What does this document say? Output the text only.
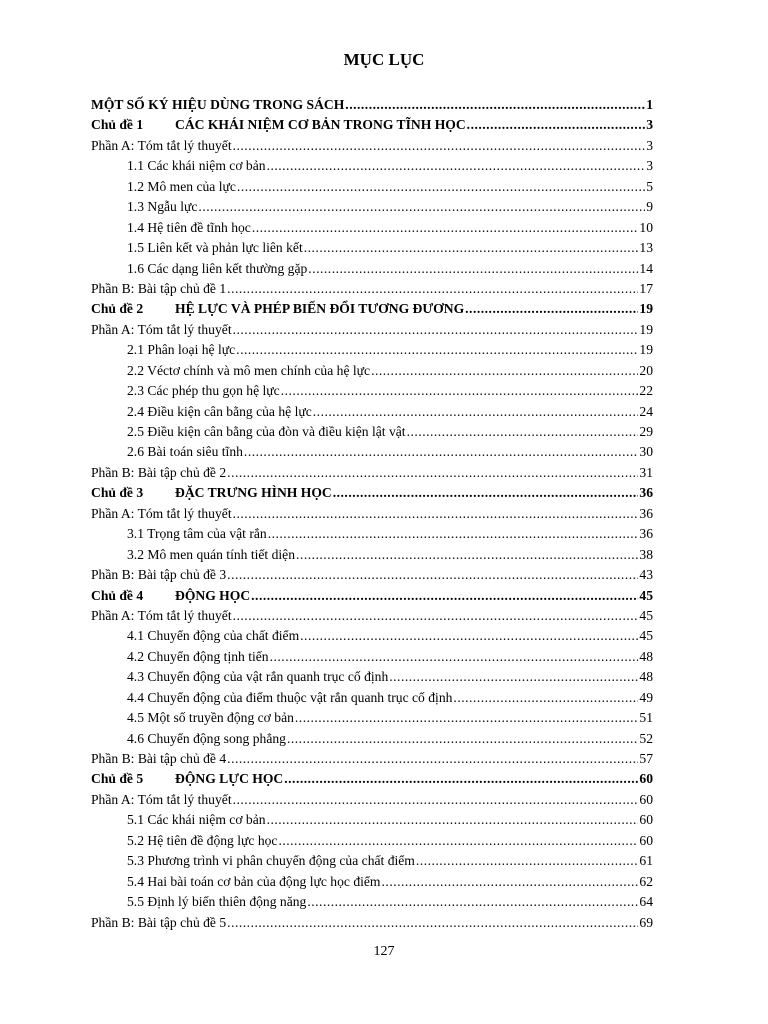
MỤC LỤC
MỘT SỐ KÝ HIỆU DÙNG TRONG SÁCH .....	1
Chủ đề 1 CÁC KHÁI NIỆM CƠ BẢN TRONG TĨNH HỌC .....	3
Phần A: Tóm tắt lý thuyết .....	3
1.1 Các khái niệm cơ bản .....	3
1.2 Mô men của lực .....	5
1.3 Ngẫu lực .....	9
1.4 Hệ tiên đề tĩnh học .....	10
1.5 Liên kết và phản lực liên kết .....	13
1.6 Các dạng liên kết thường gặp .....	14
Phần B: Bài tập chủ đề 1 .....	17
Chủ đề 2 HỆ LỰC VÀ PHÉP BIẾN ĐỔI TƯƠNG ĐƯƠNG .....	19
Phần A: Tóm tắt lý thuyết .....	19
2.1 Phân loại hệ lực .....	19
2.2 Véctơ chính và mô men chính của hệ lực .....	20
2.3 Các phép thu gọn hệ lực .....	22
2.4 Điều kiện cân bằng của hệ lực .....	24
2.5 Điều kiện cân bằng của đòn và điều kiện lật vật .....	29
2.6 Bài toán siêu tĩnh .....	30
Phần B: Bài tập chủ đề 2 .....	31
Chủ đề 3 ĐẶC TRƯNG HÌNH HỌC .....	36
Phần A: Tóm tắt lý thuyết .....	36
3.1 Trọng tâm của vật rắn .....	36
3.2 Mô men quán tính tiết diện .....	38
Phần B: Bài tập chủ đề 3 .....	43
Chủ đề 4 ĐỘNG HỌC .....	45
Phần A: Tóm tắt lý thuyết .....	45
4.1 Chuyển động của chất điểm .....	45
4.2 Chuyển động tịnh tiến .....	48
4.3 Chuyển động của vật rắn quanh trục cố định .....	48
4.4 Chuyển động của điểm thuộc vật rắn quanh trục cố định .....	49
4.5 Một số truyền động cơ bản .....	51
4.6 Chuyển động song phẳng .....	52
Phần B: Bài tập chủ đề 4 .....	57
Chủ đề 5 ĐỘNG LỰC HỌC .....	60
Phần A: Tóm tắt lý thuyết .....	60
5.1 Các khái niệm cơ bản .....	60
5.2 Hệ tiên đề động lực học .....	60
5.3 Phương trình vi phân chuyển động của chất điểm .....	61
5.4 Hai bài toán cơ bản của động lực học điểm .....	62
5.5 Định lý biến thiên động năng .....	64
Phần B: Bài tập chủ đề 5 .....	69
127
